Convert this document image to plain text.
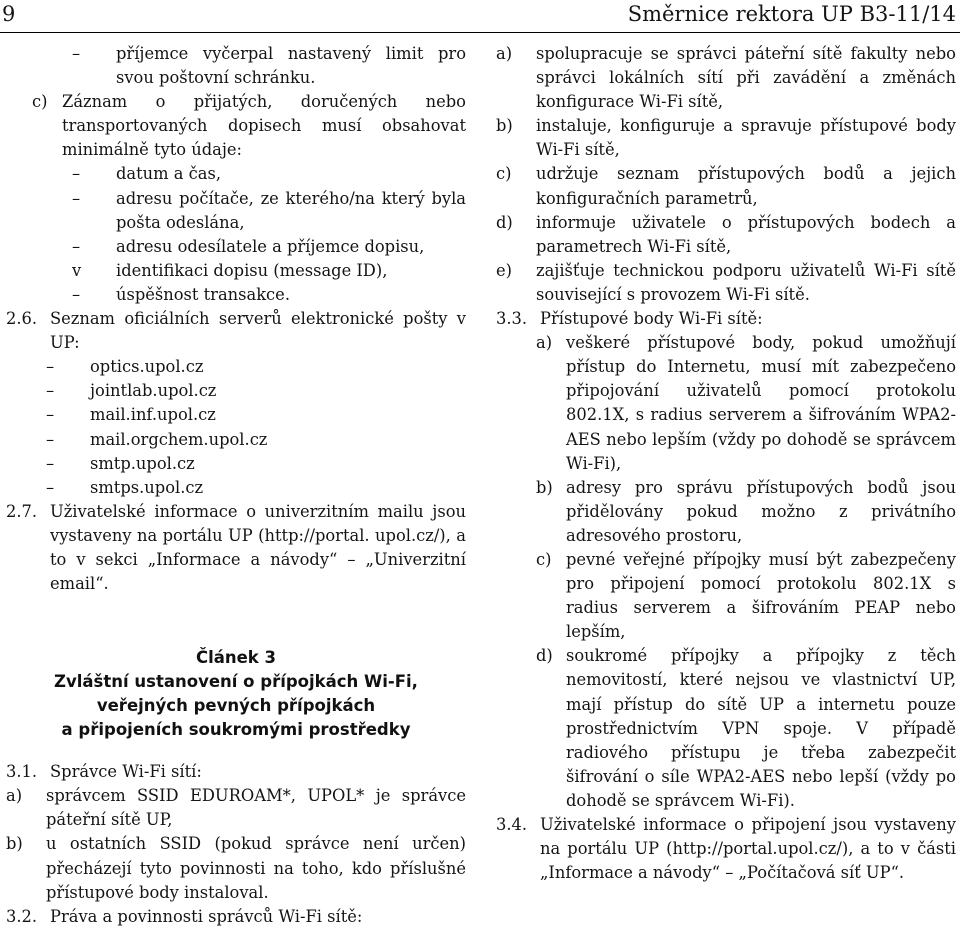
9	Směrnice rektora UP B3-11/14
–	příjemce vyčerpal nastavený limit pro svou poštovní schránku.
c) Záznam o přijatých, doručených nebo transportovaných dopisech musí obsahovat minimálně tyto údaje:
–	datum a čas,
–	adresu počítače, ze kterého/na který byla pošta odeslána,
–	adresu odesílatele a příjemce dopisu,
v	identifikaci dopisu (message ID),
–	úspěšnost transakce.
2.6. Seznam oficiálních serverů elektronické pošty v UP:
–	optics.upol.cz
–	jointlab.upol.cz
–	mail.inf.upol.cz
–	mail.orgchem.upol.cz
–	smtp.upol.cz
–	smtps.upol.cz
2.7. Uživatelské informace o univerzitním mailu jsou vystaveny na portálu UP (http://portal. upol.cz/), a to v sekci „Informace a návody“ – „Univerzitní email“.
Článek 3
Zvláštní ustanovení o přípojkách Wi-Fi,
veřejných pevných přípojkách
a připojeních soukromými prostředky
3.1. Správce Wi-Fi sítí:
a)	správcem SSID EDUROAM*, UPOL* je správce páteřní sítě UP,
b)	u ostatních SSID (pokud správce není určen) přecházejí tyto povinnosti na toho, kdo příslušné přístupové body instaloval.
3.2. Práva a povinnosti správců Wi-Fi sítě:
a)	spolupracuje se správci páteřní sítě fakulty nebo správci lokálních sítí při zavádění a změnách konfigurace Wi-Fi sítě,
b)	instaluje, konfiguruje a spravuje přístupové body Wi-Fi sítě,
c)	udržuje seznam přístupových bodů a jejich konfiguračních parametrů,
d)	informuje uživatele o přístupových bodech a parametrech Wi-Fi sítě,
e)	zajišťuje technickou podporu uživatelů Wi-Fi sítě související s provozem Wi-Fi sítě.
3.3. Přístupové body Wi-Fi sítě:
a) veškeré přístupové body, pokud umožňují přístup do Internetu, musí mít zabezpečeno připojování uživatelů pomocí protokolu 802.1X, s radius serverem a šifrováním WPA2-AES nebo lepším (vždy po dohodě se správcem Wi-Fi),
b) adresy pro správu přístupových bodů jsou přidělovány pokud možno z privátního adresového prostoru,
c) pevné veřejné přípojky musí být zabezpečeny pro připojení pomocí protokolu 802.1X s radius serverem a šifrováním PEAP nebo lepším,
d) soukromé přípojky a přípojky z těch nemovitostí, které nejsou ve vlastnictví UP, mají přístup do sítě UP a internetu pouze prostřednictvím VPN spoje. V případě radiového přístupu je třeba zabezpečit šifrování o síle WPA2-AES nebo lepší (vždy po dohodě se správcem Wi-Fi).
3.4. Uživatelské informace o připojení jsou vystaveny na portálu UP (http://portal.upol.cz/), a to v části „Informace a návody“ – „Počítačová síť UP“.
